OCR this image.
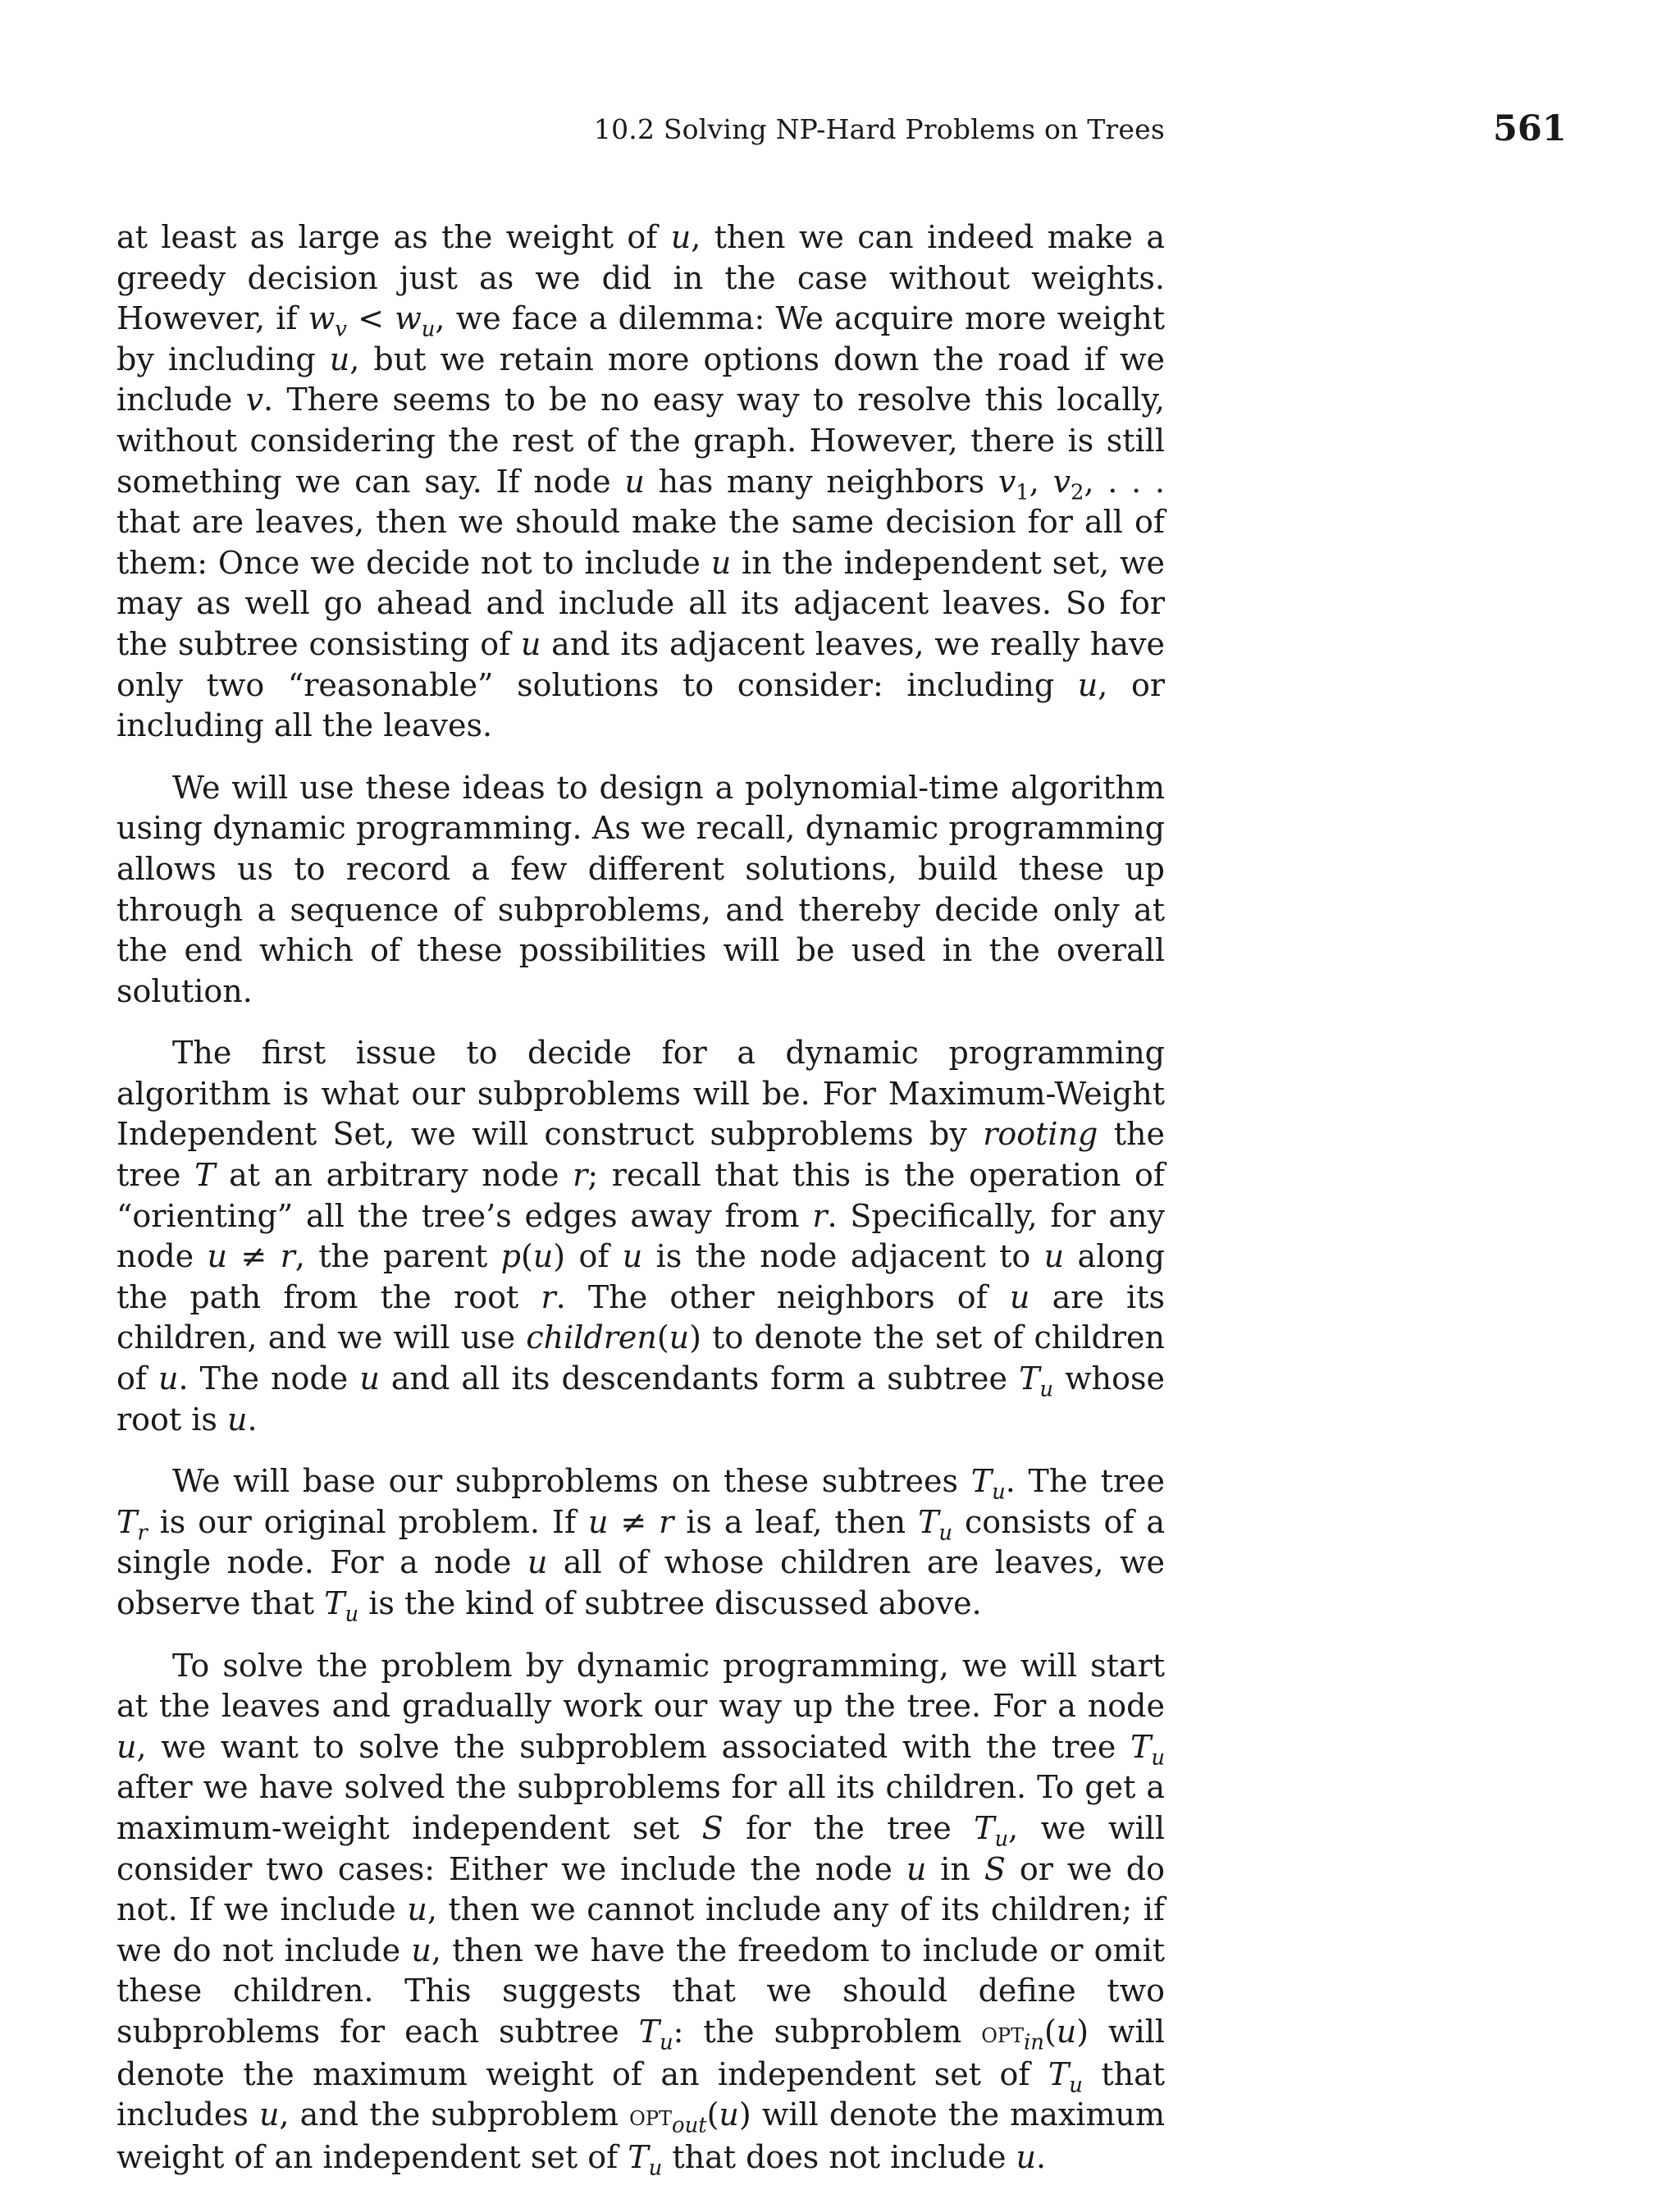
10.2 Solving NP-Hard Problems on Trees	561

at least as large as the weight of u, then we can indeed make a greedy decision just as we did in the case without weights. However, if $w_v < w_u$, we face a dilemma: We acquire more weight by including u, but we retain more options down the road if we include v. There seems to be no easy way to resolve this locally, without considering the rest of the graph. However, there is still something we can say. If node u has many neighbors $v_1$, $v_2$, . . . that are leaves, then we should make the same decision for all of them: Once we decide not to include u in the independent set, we may as well go ahead and include all its adjacent leaves. So for the subtree consisting of u and its adjacent leaves, we really have only two “reasonable” solutions to consider: including u, or including all the leaves.

We will use these ideas to design a polynomial-time algorithm using dynamic programming. As we recall, dynamic programming allows us to record a few different solutions, build these up through a sequence of subproblems, and thereby decide only at the end which of these possibilities will be used in the overall solution.

The first issue to decide for a dynamic programming algorithm is what our subproblems will be. For Maximum-Weight Independent Set, we will construct subproblems by rooting the tree T at an arbitrary node r; recall that this is the operation of “orienting” all the tree’s edges away from r. Specifically, for any node u ≠ r, the parent p(u) of u is the node adjacent to u along the path from the root r. The other neighbors of u are its children, and we will use children(u) to denote the set of children of u. The node u and all its descendants form a subtree $T_u$ whose root is u.

We will base our subproblems on these subtrees $T_u$. The tree $T_r$ is our original problem. If u ≠ r is a leaf, then $T_u$ consists of a single node. For a node u all of whose children are leaves, we observe that $T_u$ is the kind of subtree discussed above.

To solve the problem by dynamic programming, we will start at the leaves and gradually work our way up the tree. For a node u, we want to solve the subproblem associated with the tree $T_u$ after we have solved the subproblems for all its children. To get a maximum-weight independent set S for the tree $T_u$, we will consider two cases: Either we include the node u in S or we do not. If we include u, then we cannot include any of its children; if we do not include u, then we have the freedom to include or omit these children. This suggests that we should define two subproblems for each subtree $T_u$: the subproblem opt$_{in}$(u) will denote the maximum weight of an independent set of $T_u$ that includes u, and the subproblem opt$_{out}$(u) will denote the maximum weight of an independent set of $T_u$ that does not include u.
